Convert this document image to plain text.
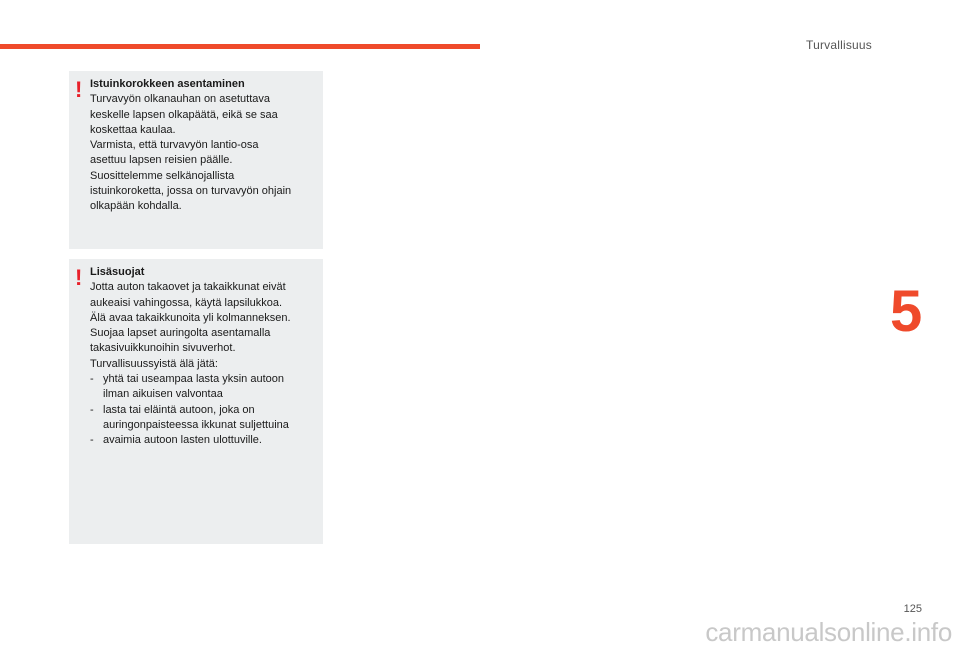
Turvallisuus
! Istuinkorokkeen asentaminen

Turvavyön olkanauhan on asetuttava
keskelle lapsen olkapäätä, eikä se saa
koskettaa kaulaa.

Varmista, että turvavyön lantio-osa
asettuu lapsen reisien päälle.

Suosittelemme selkänojallista
istuinkoroketta, jossa on turvavyön ohjain
olkapään kohdalla.

! Lisäsuojat

Jotta auton takaovet ja takaikkunat eivät
aukeaisi vahingossa, käytä lapsilukkoa.

Älä avaa takaikkunoita yli kolmanneksen.

Suojaa lapset auringolta asentamalla
takasivuikkunoihin sivuverhot.

Turvallisuussyistä älä jätä:

- yhtä tai useampaa lasta yksin autoon ilman aikuisen valvontaa
- lasta tai eläintä autoon, joka on auringonpaisteessa ikkunat suljettuina
- avaimia autoon lasten ulottuville.
5
125
carmanualsonline.info
